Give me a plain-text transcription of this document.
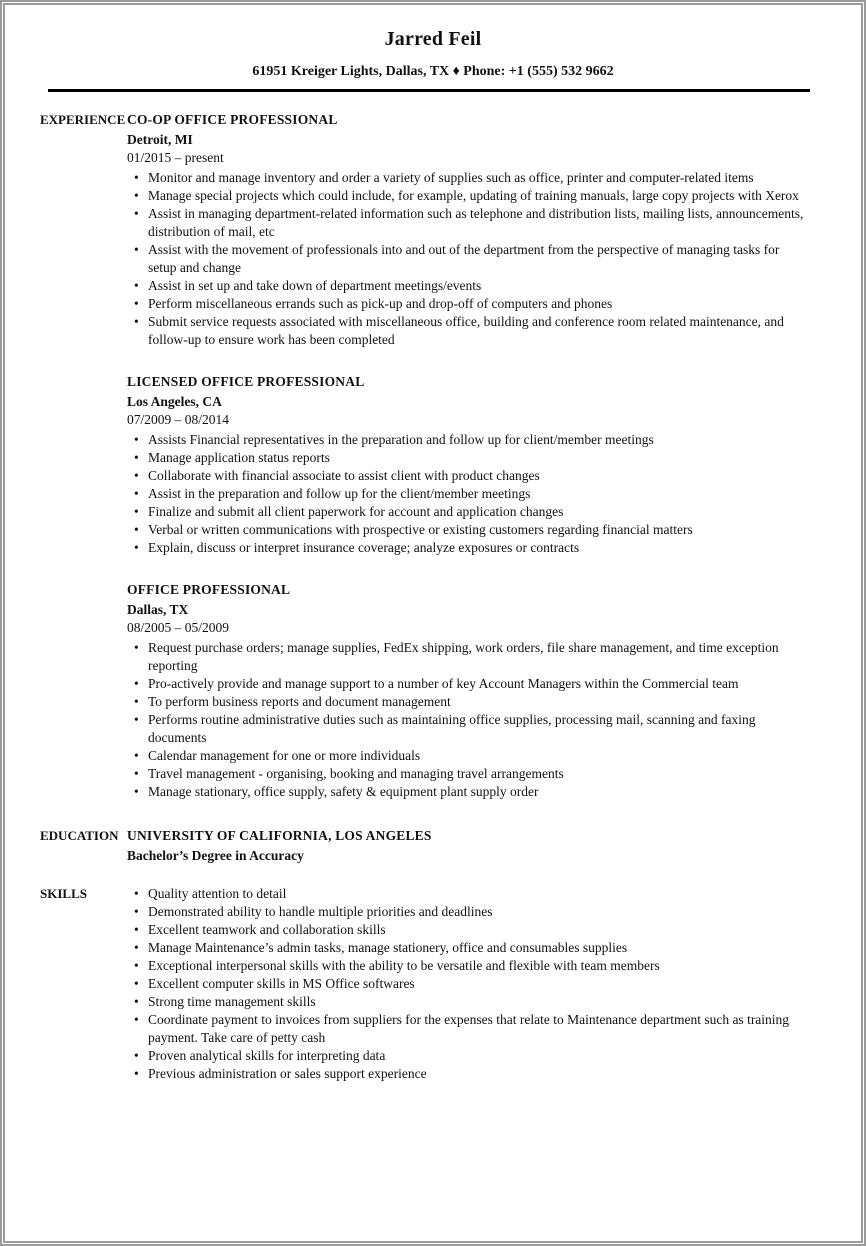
Jarred Feil
61951 Kreiger Lights, Dallas, TX ♦ Phone: +1 (555) 532 9662
EXPERIENCE CO-OP OFFICE PROFESSIONAL
Detroit, MI
01/2015 – present
• Monitor and manage inventory and order a variety of supplies such as office, printer and computer-related items
• Manage special projects which could include, for example, updating of training manuals, large copy projects with Xerox
• Assist in managing department-related information such as telephone and distribution lists, mailing lists, announcements, distribution of mail, etc
• Assist with the movement of professionals into and out of the department from the perspective of managing tasks for setup and change
• Assist in set up and take down of department meetings/events
• Perform miscellaneous errands such as pick-up and drop-off of computers and phones
• Submit service requests associated with miscellaneous office, building and conference room related maintenance, and follow-up to ensure work has been completed
LICENSED OFFICE PROFESSIONAL
Los Angeles, CA
07/2009 – 08/2014
• Assists Financial representatives in the preparation and follow up for client/member meetings
• Manage application status reports
• Collaborate with financial associate to assist client with product changes
• Assist in the preparation and follow up for the client/member meetings
• Finalize and submit all client paperwork for account and application changes
• Verbal or written communications with prospective or existing customers regarding financial matters
• Explain, discuss or interpret insurance coverage; analyze exposures or contracts
OFFICE PROFESSIONAL
Dallas, TX
08/2005 – 05/2009
• Request purchase orders; manage supplies, FedEx shipping, work orders, file share management, and time exception reporting
• Pro-actively provide and manage support to a number of key Account Managers within the Commercial team
• To perform business reports and document management
• Performs routine administrative duties such as maintaining office supplies, processing mail, scanning and faxing documents
• Calendar management for one or more individuals
• Travel management - organising, booking and managing travel arrangements
• Manage stationary, office supply, safety & equipment plant supply order
EDUCATION UNIVERSITY OF CALIFORNIA, LOS ANGELES
Bachelor’s Degree in Accuracy
SKILLS	• Quality attention to detail
• Demonstrated ability to handle multiple priorities and deadlines
• Excellent teamwork and collaboration skills
• Manage Maintenance’s admin tasks, manage stationery, office and consumables supplies
• Exceptional interpersonal skills with the ability to be versatile and flexible with team members
• Excellent computer skills in MS Office softwares
• Strong time management skills
• Coordinate payment to invoices from suppliers for the expenses that relate to Maintenance department such as training payment. Take care of petty cash
• Proven analytical skills for interpreting data
• Previous administration or sales support experience
